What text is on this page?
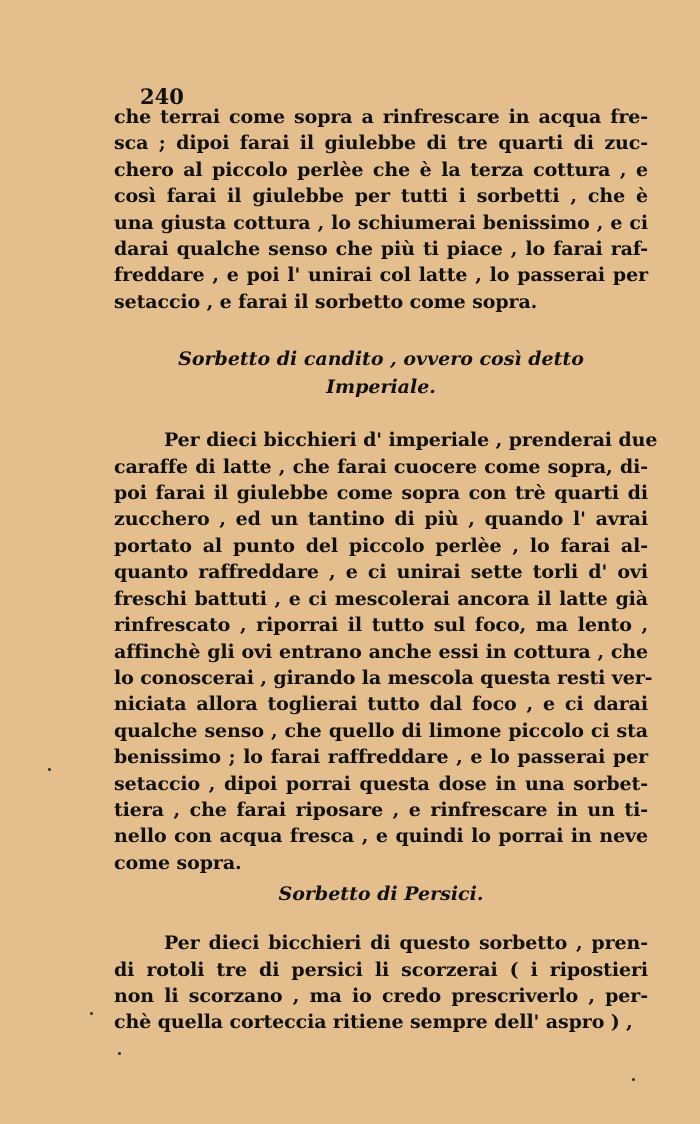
240
che terrai come sopra a rinfrescare in acqua fre-
sca ; dipoi farai il giulebbe di tre quarti di zuc-
chero al piccolo perlèe che è la terza cottura , e
così farai il giulebbe per tutti i sorbetti , che è
una giusta cottura , lo schiumerai benissimo , e ci
darai qualche senso che più ti piace , lo farai raf-
freddare , e poi l' unirai col latte , lo passerai per
setaccio , e farai il sorbetto come sopra.
Sorbetto di candito , ovvero così detto
Imperiale.
Per dieci bicchieri d' imperiale , prenderai due
caraffe di latte , che farai cuocere come sopra, di-
poi farai il giulebbe come sopra con trè quarti di
zucchero , ed un tantino di più , quando l' avrai
portato al punto del piccolo perlèe , lo farai al-
quanto raffreddare , e ci unirai sette torli d' ovi
freschi battuti , e ci mescolerai ancora il latte già
rinfrescato , riporrai il tutto sul foco, ma lento ,
affinchè gli ovi entrano anche essi in cottura , che
lo conoscerai , girando la mescola questa resti ver-
niciata allora toglierai tutto dal foco , e ci darai
qualche senso , che quello di limone piccolo ci sta
benissimo ; lo farai raffreddare , e lo passerai per
setaccio , dipoi porrai questa dose in una sorbet-
tiera , che farai riposare , e rinfrescare in un ti-
nello con acqua fresca , e quindi lo porrai in neve
come sopra.
Sorbetto di Persici.
Per dieci bicchieri di questo sorbetto , pren-
di rotoli tre di persici li scorzerai ( i ripostieri
non li scorzano , ma io credo prescriverlo , per-
chè quella corteccia ritiene sempre dell' aspro ) ,
